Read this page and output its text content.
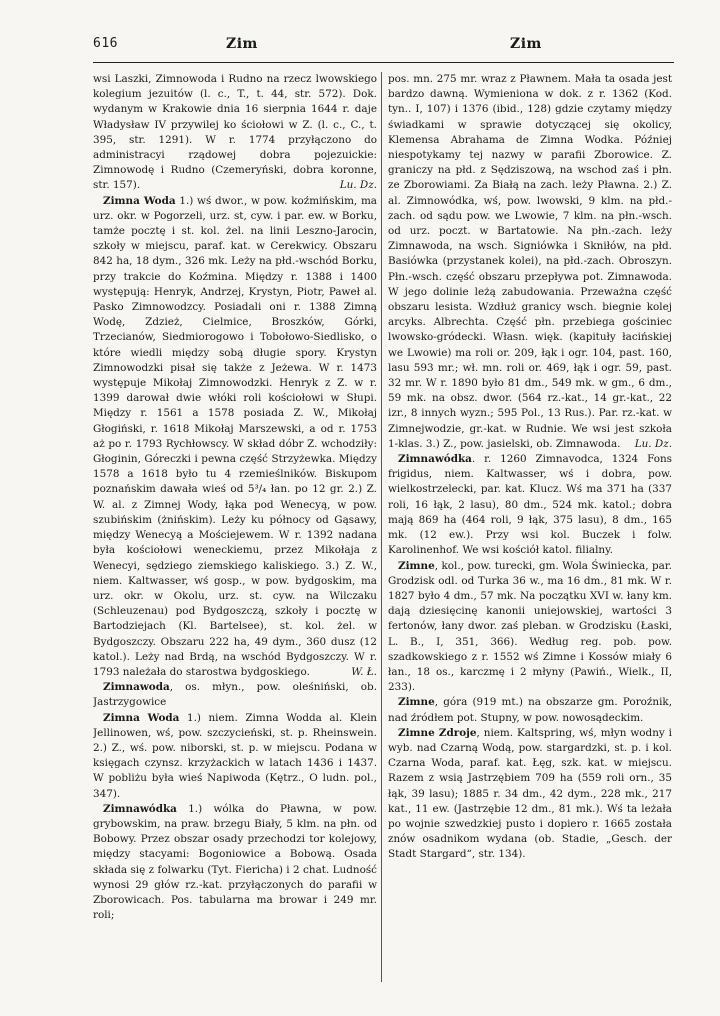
616	Zim	Zim

wsi Laszki, Zimnowoda i Rudno na rzecz lwowskiego kolegium jezuitów (l. c., T., t. 44, str. 572). Dok. wydanym w Krakowie dnia 16 sierpnia 1644 r. daje Władysław IV przywilej ko ściołowi w Z. (l. c., C., t. 395, str. 1291). W r. 1774 przyłączono do administracyi rządowej dobra pojezuickie: Zimnowodę i Rudno (Czemeryński, dobra koronne, str. 157).	Lu. Dz.

Zimna Woda 1.) wś dwor., w pow. koźmińskim, ma urz. okr. w Pogorzeli, urz. st, cyw. i par. ew. w Borku, tamże pocztę i st. kol. żel. na linii Leszno-Jarocin, szkoły w miejscu, paraf. kat. w Cerekwicy. Obszaru 842 ha, 18 dym., 326 mk. Leży na płd.-wschód Borku, przy trakcie do Koźmina. Między r. 1388 i 1400 występują: Henryk, Andrzej, Krystyn, Piotr, Paweł al. Pasko Zimnowodzcy. Posiadali oni r. 1388 Zimną Wodę, Zdzież, Cielmice, Broszków, Górki, Trzecianów, Siedmiorogowo i Tobołowo-Siedlisko, o które wiedli między sobą długie spory. Krystyn Zimnowodzki pisał się także z Jeżewa. W r. 1473 występuje Mikołaj Zimnowodzki. Henryk z Z. w r. 1399 darował dwie włóki roli kościołowi w Słupi. Między r. 1561 a 1578 posiada Z. W., Mikołaj Głogiński, r. 1618 Mikołaj Marszewski, a od r. 1753 aż po r. 1793 Rychłowscy. W skład dóbr Z. wchodziły: Głoginin, Góreczki i pewna część Strzyżewka. Między 1578 a 1618 było tu 4 rzemieślników. Biskupom poznańskim dawała wieś od 5³/₄ łan. po 12 gr. 2.) Z. W. al. z Zimnej Wody, łąka pod Wenecyą, w pow. szubińskim (żnińskim). Leży ku północy od Gąsawy, między Wenecyą a Mościejewem. W r. 1392 nadana była kościołowi weneckiemu, przez Mikołaja z Wenecyi, sędziego ziemskiego kaliskiego. 3.) Z. W., niem. Kaltwasser, wś gosp., w pow. bydgoskim, ma urz. okr. w Okolu, urz. st. cyw. na Wilczaku (Schleuzenau) pod Bydgoszczą, szkoły i pocztę w Bartodziejach (Kl. Bartelsee), st. kol. żel. w Bydgoszczy. Obszaru 222 ha, 49 dym., 360 dusz (12 katol.). Leży nad Brdą, na wschód Bydgoszczy. W r. 1793 należała do starostwa bydgoskiego.	W. Ł.

Zimnawoda, os. młyn., pow. oleśniński, ob. Jastrzygowice

Zimna Woda 1.) niem. Zimna Wodda al. Klein Jellinowen, wś, pow. szczycieński, st. p. Rheinswein. 2.) Z., wś. pow. niborski, st. p. w miejscu. Podana w księgach czynsz. krzyżackich w latach 1436 i 1437. W pobliżu była wieś Napiwoda (Kętrz., O ludn. pol., 347).

Zimnawódka 1.) wólka do Pławna, w pow. grybowskim, na praw. brzegu Biały, 5 klm. na płn. od Bobowy. Przez obszar osady przechodzi tor kolejowy, między stacyami: Bogoniowice a Bobową. Osada składa się z folwarku (Tyt. Fiericha) i 2 chat. Ludność wynosi 29 głów rz.-kat. przyłączonych do parafii w Zborowicach. Pos. tabularna ma browar i 249 mr. roli;

pos. mn. 275 mr. wraz z Pławnem. Mała ta osada jest bardzo dawną. Wymieniona w dok. z r. 1362 (Kod. tyn.. I, 107) i 1376 (ibid., 128) gdzie czytamy między świadkami w sprawie dotyczącej się okolicy, Klemensa Abrahama de Zimna Wodka. Później niespotykamy tej nazwy w parafii Zborowice. Z. graniczy na płd. z Sędziszową, na wschod zaś i płn. ze Zborowiami. Za Białą na zach. leży Pławna. 2.) Z. al. Zimnowódka, wś, pow. lwowski, 9 klm. na płd.-zach. od sądu pow. we Lwowie, 7 klm. na płn.-wsch. od urz. poczt. w Bartatowie. Na płn.-zach. leży Zimnawoda, na wsch. Signiówka i Skniłów, na płd. Basiówka (przystanek kolei), na płd.-zach. Obroszyn. Płn.-wsch. część obszaru przepływa pot. Zimnawoda. W jego dolinie leżą zabudowania. Przeważna część obszaru lesista. Wzdłuż granicy wsch. biegnie kolej arcyks. Albrechta. Część płn. przebiega gościniec lwowsko-gródecki. Własn. więk. (kapituły łacińskiej we Lwowie) ma roli or. 209, łąk i ogr. 104, past. 160, lasu 593 mr.; wł. mn. roli or. 469, łąk i ogr. 59, past. 32 mr. W r. 1890 było 81 dm., 549 mk. w gm., 6 dm., 59 mk. na obsz. dwor. (564 rz.-kat., 14 gr.-kat., 22 izr., 8 innych wyzn.; 595 Pol., 13 Rus.). Par. rz.-kat. w Zimnejwodzie, gr.-kat. w Rudnie. We wsi jest szkoła 1-klas. 3.) Z., pow. jasielski, ob. Zimnawoda.	Lu. Dz.

Zimnawódka. r. 1260 Zimnavodca, 1324 Fons frigidus, niem. Kaltwasser, wś i dobra, pow. wielkostrzelecki, par. kat. Klucz. Wś ma 371 ha (337 roli, 16 łąk, 2 lasu), 80 dm., 524 mk. katol.; dobra mają 869 ha (464 roli, 9 łąk, 375 lasu), 8 dm., 165 mk. (12 ew.). Przy wsi kol. Buczek i folw. Karolinenhof. We wsi kościół katol. filialny.

Zimne, kol., pow. turecki, gm. Wola Świniecka, par. Grodzisk odl. od Turka 36 w., ma 16 dm., 81 mk. W r. 1827 było 4 dm., 57 mk. Na początku XVI w. łany km. dają dziesięcinę kanonii uniejowskiej, wartości 3 fertonów, łany dwor. zaś pleban. w Grodzisku (Łaski, L. B., I, 351, 366). Według reg. pob. pow. szadkowskiego z r. 1552 wś Zimne i Kossów miały 6 łan., 18 os., karczmę i 2 młyny (Pawiń., Wielk., II, 233).

Zimne, góra (919 mt.) na obszarze gm. Poroźnik, nad źródłem pot. Stupny, w pow. nowosądeckim.

Zimne Zdroje, niem. Kaltspring, wś, młyn wodny i wyb. nad Czarną Wodą, pow. stargardzki, st. p. i kol. Czarna Woda, paraf. kat. Łęg, szk. kat. w miejscu. Razem z wsią Jastrzębiem 709 ha (559 roli orn., 35 łąk, 39 lasu); 1885 r. 34 dm., 42 dym., 228 mk., 217 kat., 11 ew. (Jastrzębie 12 dm., 81 mk.). Wś ta leżała po wojnie szwedzkiej pusto i dopiero r. 1665 została znów osadnikom wydana (ob. Stadie, „Gesch. der Stadt Stargard“, str. 134).
